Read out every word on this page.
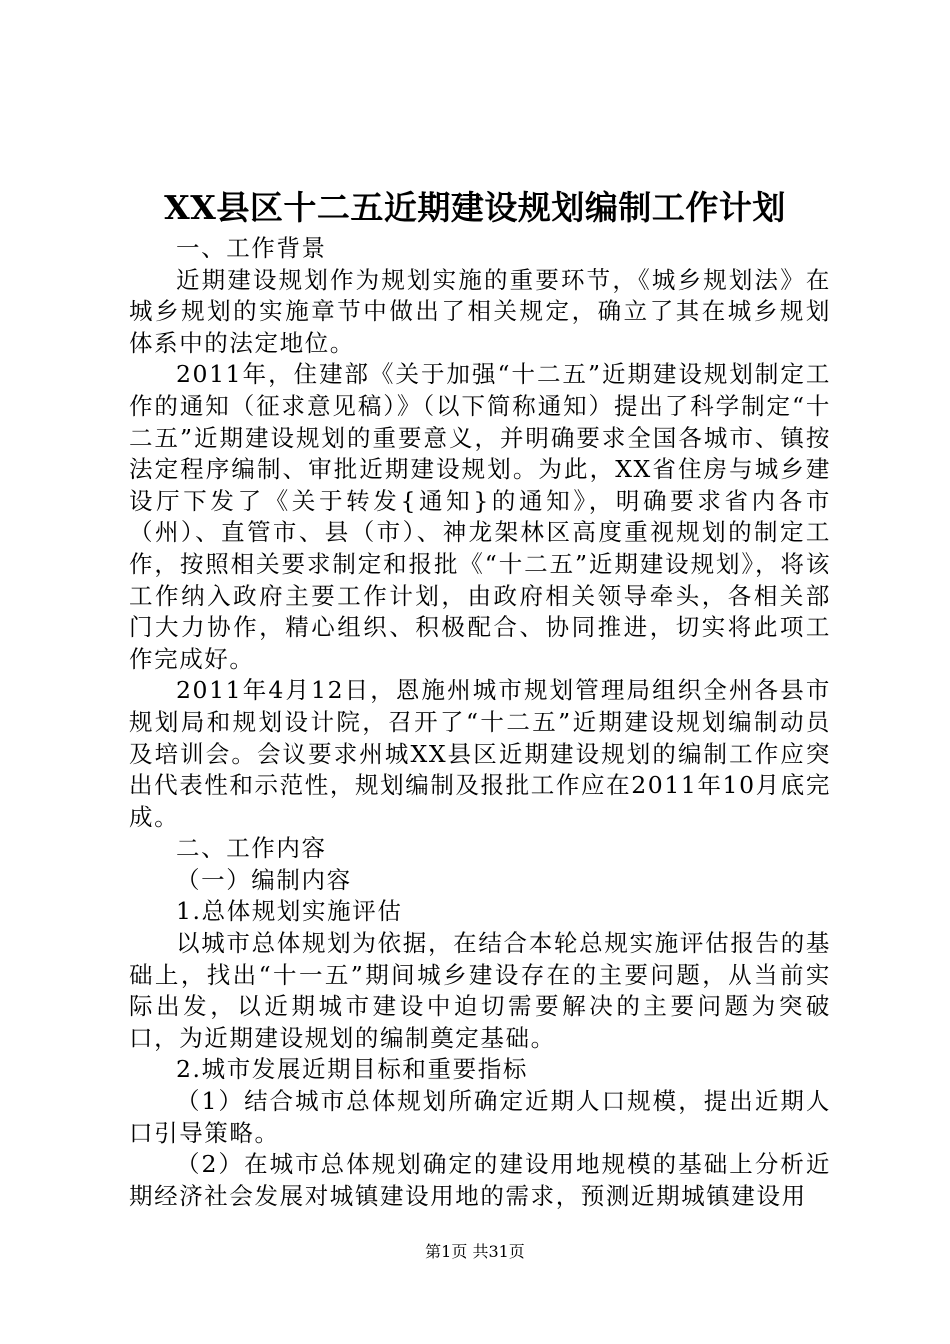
XX县区十二五近期建设规划编制工作计划

一、工作背景

近期建设规划作为规划实施的重要环节，《城乡规划法》在城乡规划的实施章节中做出了相关规定，确立了其在城乡规划体系中的法定地位。

2011年，住建部《关于加强“十二五”近期建设规划制定工作的通知（征求意见稿）》（以下简称通知）提出了科学制定“十二五”近期建设规划的重要意义，并明确要求全国各城市、镇按法定程序编制、审批近期建设规划。为此，XX省住房与城乡建设厅下发了《关于转发{通知}的通知》，明确要求省内各市（州）、直管市、县（市）、神龙架林区高度重视规划的制定工作，按照相关要求制定和报批《“十二五”近期建设规划》，将该工作纳入政府主要工作计划，由政府相关领导牵头，各相关部门大力协作，精心组织、积极配合、协同推进，切实将此项工作完成好。

2011年4月12日，恩施州城市规划管理局组织全州各县市规划局和规划设计院，召开了“十二五”近期建设规划编制动员及培训会。会议要求州城XX县区近期建设规划的编制工作应突出代表性和示范性，规划编制及报批工作应在2011年10月底完成。

二、工作内容

（一）编制内容

1.总体规划实施评估

以城市总体规划为依据，在结合本轮总规实施评估报告的基础上，找出“十一五”期间城乡建设存在的主要问题，从当前实际出发，以近期城市建设中迫切需要解决的主要问题为突破口，为近期建设规划的编制奠定基础。

2.城市发展近期目标和重要指标

（1）结合城市总体规划所确定近期人口规模，提出近期人口引导策略。

（2）在城市总体规划确定的建设用地规模的基础上分析近期经济社会发展对城镇建设用地的需求，预测近期城镇建设用

第1页 共31页
